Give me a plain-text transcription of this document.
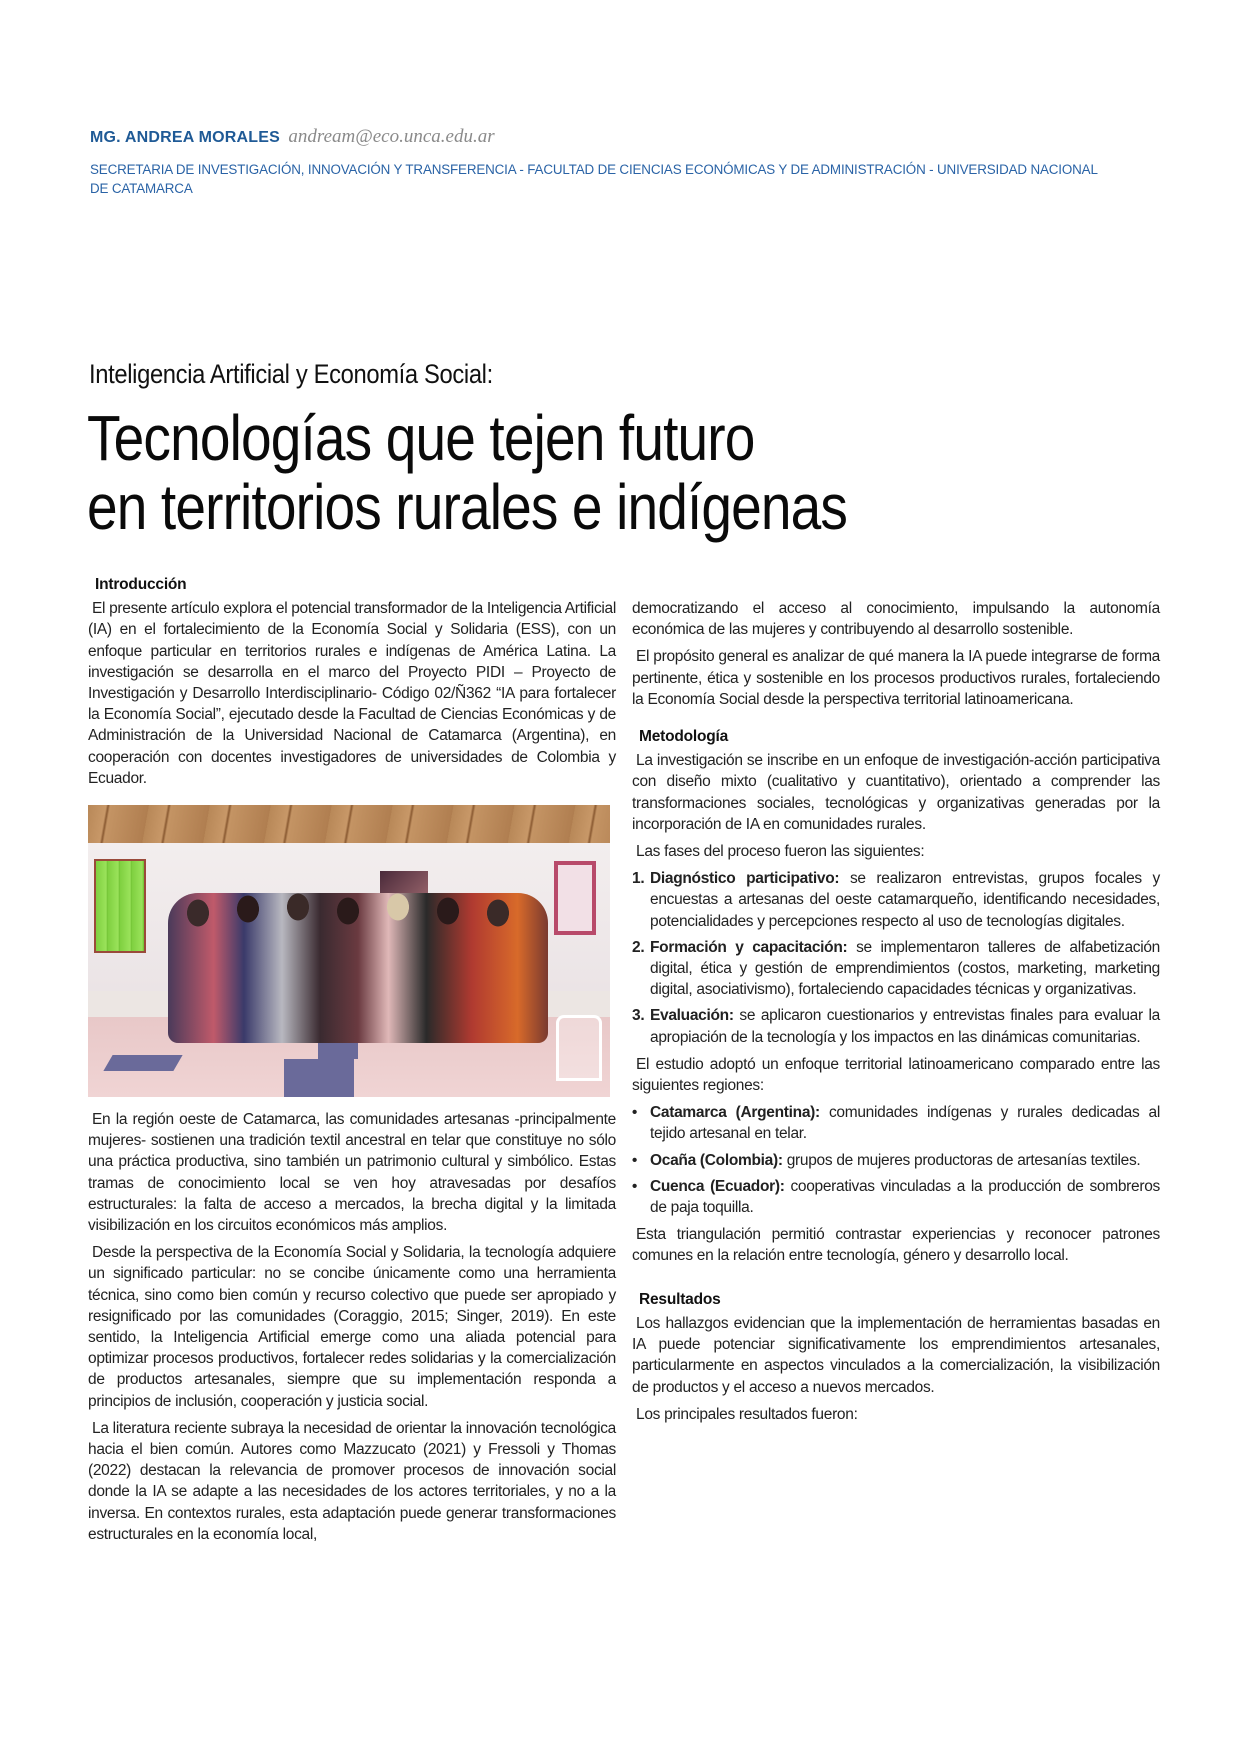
MG. ANDREA MORALES andream@eco.unca.edu.ar
SECRETARIA DE INVESTIGACIÓN, INNOVACIÓN Y TRANSFERENCIA - FACULTAD DE CIENCIAS ECONÓMICAS Y DE ADMINISTRACIÓN - UNIVERSIDAD NACIONAL DE CATAMARCA
Inteligencia Artificial y Economía Social:
Tecnologías que tejen futuro
en territorios rurales e indígenas
Introducción

El presente artículo explora el potencial transformador de la Inteligencia Artificial (IA) en el fortalecimiento de la Economía Social y Solidaria (ESS), con un enfoque particular en territorios rurales e indígenas de América Latina. La investigación se desarrolla en el marco del Proyecto PIDI – Proyecto de Investigación y Desarrollo Interdisciplinario- Código 02/Ñ362 “IA para fortalecer la Economía Social”, ejecutado desde la Facultad de Ciencias Económicas y de Administración de la Universidad Nacional de Catamarca (Argentina), en cooperación con docentes investigadores de universidades de Colombia y Ecuador.

En la región oeste de Catamarca, las comunidades artesanas -principalmente mujeres- sostienen una tradición textil ancestral en telar que constituye no sólo una práctica productiva, sino también un patrimonio cultural y simbólico. Estas tramas de conocimiento local se ven hoy atravesadas por desafíos estructurales: la falta de acceso a mercados, la brecha digital y la limitada visibilización en los circuitos económicos más amplios.

Desde la perspectiva de la Economía Social y Solidaria, la tecnología adquiere un significado particular: no se concibe únicamente como una herramienta técnica, sino como bien común y recurso colectivo que puede ser apropiado y resignificado por las comunidades (Coraggio, 2015; Singer, 2019). En este sentido, la Inteligencia Artificial emerge como una aliada potencial para optimizar procesos productivos, fortalecer redes solidarias y la comercialización de productos artesanales, siempre que su implementación responda a principios de inclusión, cooperación y justicia social.

La literatura reciente subraya la necesidad de orientar la innovación tecnológica hacia el bien común. Autores como Mazzucato (2021) y Fressoli y Thomas (2022) destacan la relevancia de promover procesos de innovación social donde la IA se adapte a las necesidades de los actores territoriales, y no a la inversa. En contextos rurales, esta adaptación puede generar transformaciones estructurales en la economía local,

democratizando el acceso al conocimiento, impulsando la autonomía económica de las mujeres y contribuyendo al desarrollo sostenible.

El propósito general es analizar de qué manera la IA puede integrarse de forma pertinente, ética y sostenible en los procesos productivos rurales, fortaleciendo la Economía Social desde la perspectiva territorial latinoamericana.

Metodología

La investigación se inscribe en un enfoque de investigación-acción participativa con diseño mixto (cualitativo y cuantitativo), orientado a comprender las transformaciones sociales, tecnológicas y organizativas generadas por la incorporación de IA en comunidades rurales.

Las fases del proceso fueron las siguientes:

1. Diagnóstico participativo: se realizaron entrevistas, grupos focales y encuestas a artesanas del oeste catamarqueño, identificando necesidades, potencialidades y percepciones respecto al uso de tecnologías digitales.
2. Formación y capacitación: se implementaron talleres de alfabetización digital, ética y gestión de emprendimientos (costos, marketing, marketing digital, asociativismo), fortaleciendo capacidades técnicas y organizativas.
3. Evaluación: se aplicaron cuestionarios y entrevistas finales para evaluar la apropiación de la tecnología y los impactos en las dinámicas comunitarias.

El estudio adoptó un enfoque territorial latinoamericano comparado entre las siguientes regiones:

• Catamarca (Argentina): comunidades indígenas y rurales dedicadas al tejido artesanal en telar.
• Ocaña (Colombia): grupos de mujeres productoras de artesanías textiles.
• Cuenca (Ecuador): cooperativas vinculadas a la producción de sombreros de paja toquilla.

Esta triangulación permitió contrastar experiencias y reconocer patrones comunes en la relación entre tecnología, género y desarrollo local.

Resultados

Los hallazgos evidencian que la implementación de herramientas basadas en IA puede potenciar significativamente los emprendimientos artesanales, particularmente en aspectos vinculados a la comercialización, la visibilización de productos y el acceso a nuevos mercados.

Los principales resultados fueron:
